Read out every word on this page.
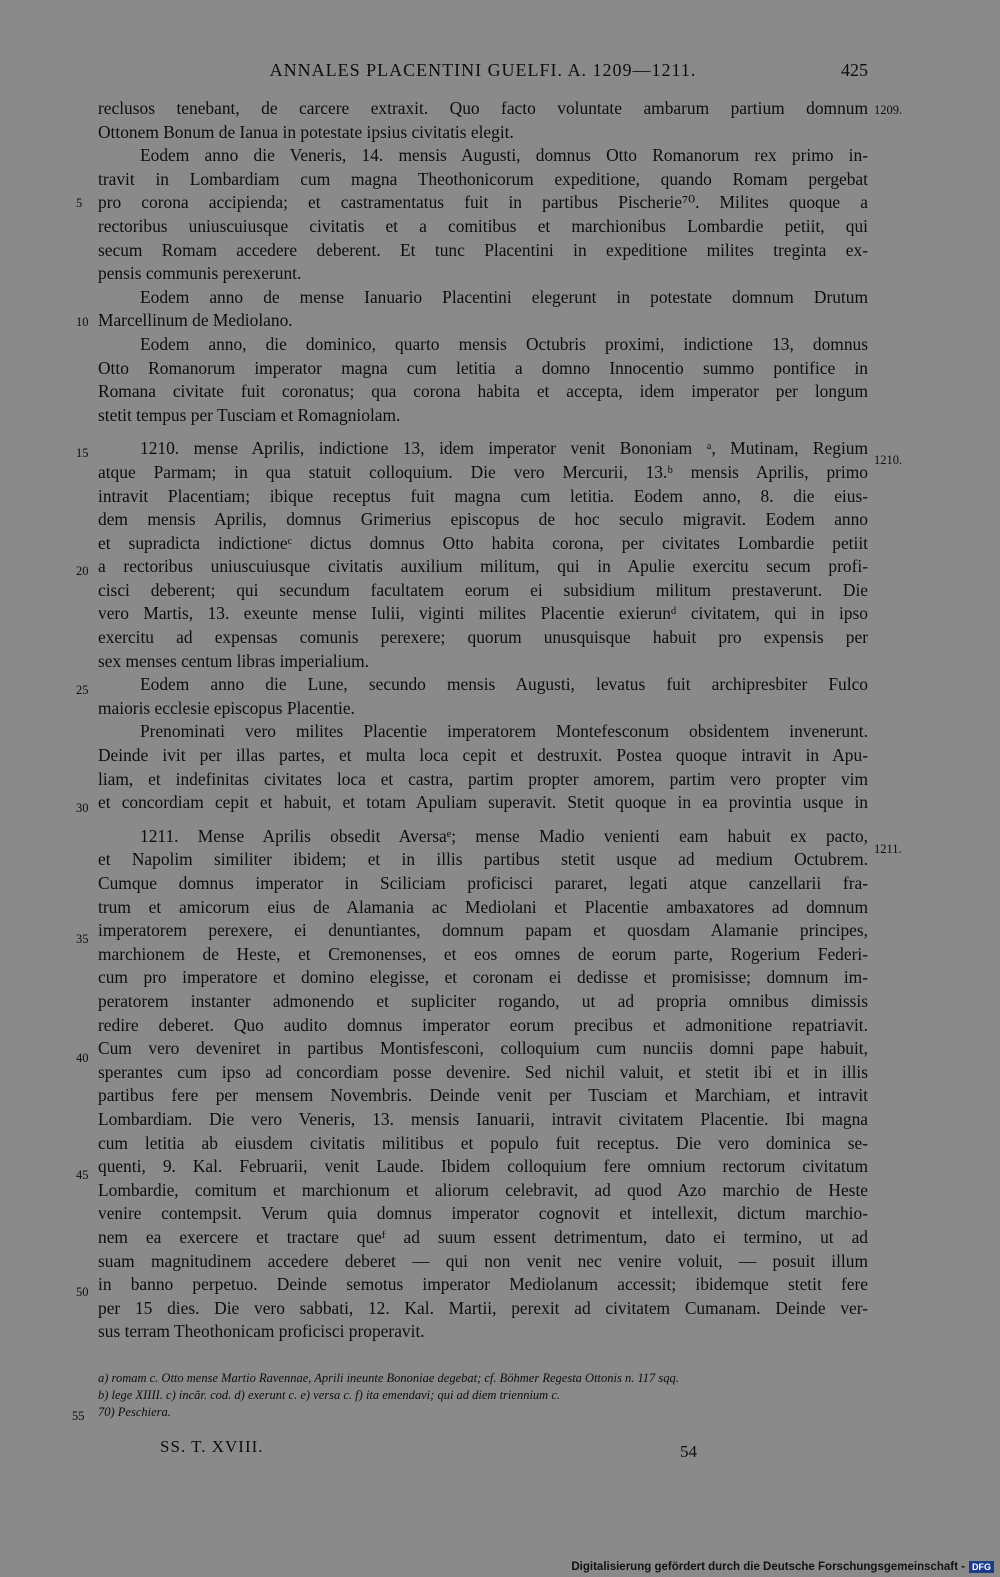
ANNALES PLACENTINI GUELFI. A. 1209—1211.	425
reclusos tenebant, de carcere extraxit. Quo facto voluntate ambarum partium domnum
Ottonem Bonum de Ianua in potestate ipsius civitatis elegit.
Eodem anno die Veneris, 14. mensis Augusti, domnus Otto Romanorum rex primo in-
travit in Lombardiam cum magna Theothonicorum expeditione, quando Romam pergebat
pro corona accipienda; et castramentatus fuit in partibus Pischerie⁷⁰. Milites quoque a
rectoribus uniuscuiusque civitatis et a comitibus et marchionibus Lombardie petiit, qui
secum Romam accedere deberent. Et tunc Placentini in expeditione milites treginta ex-
pensis communis perexerunt.
Eodem anno de mense Ianuario Placentini elegerunt in potestate domnum Drutum
Marcellinum de Mediolano.
Eodem anno, die dominico, quarto mensis Octubris proximi, indictione 13, domnus
Otto Romanorum imperator magna cum letitia a domno Innocentio summo pontifice in
Romana civitate fuit coronatus; qua corona habita et accepta, idem imperator per longum
stetit tempus per Tusciam et Romagniolam.
1210. mense Aprilis, indictione 13, idem imperator venit Bononiam ᵃ, Mutinam, Regium
atque Parmam; in qua statuit colloquium. Die vero Mercurii, 13.ᵇ mensis Aprilis, primo
intravit Placentiam; ibique receptus fuit magna cum letitia. Eodem anno, 8. die eius-
dem mensis Aprilis, domnus Grimerius episcopus de hoc seculo migravit. Eodem anno
et supradicta indictioneᶜ dictus domnus Otto habita corona, per civitates Lombardie petiit
a rectoribus uniuscuiusque civitatis auxilium militum, qui in Apulie exercitu secum profi-
cisci deberent; qui secundum facultatem eorum ei subsidium militum prestaverunt. Die
vero Martis, 13. exeunte mense Iulii, viginti milites Placentie exierunᵈ civitatem, qui in ipso
exercitu ad expensas comunis perexere; quorum unusquisque habuit pro expensis per
sex menses centum libras imperialium.
Eodem anno die Lune, secundo mensis Augusti, levatus fuit archipresbiter Fulco
maioris ecclesie episcopus Placentie.
Prenominati vero milites Placentie imperatorem Montefesconum obsidentem invenerunt.
Deinde ivit per illas partes, et multa loca cepit et destruxit. Postea quoque intravit in Apu-
liam, et indefinitas civitates loca et castra, partim propter amorem, partim vero propter vim
et concordiam cepit et habuit, et totam Apuliam superavit. Stetit quoque in ea provintia usque in
1211. Mense Aprilis obsedit Aversaᵉ; mense Madio venienti eam habuit ex pacto,
et Napolim similiter ibidem; et in illis partibus stetit usque ad medium Octubrem.
Cumque domnus imperator in Sciliciam proficisci pararet, legati atque canzellarii fra-
trum et amicorum eius de Alamania ac Mediolani et Placentie ambaxatores ad domnum
imperatorem perexere, ei denuntiantes, domnum papam et quosdam Alamanie principes,
marchionem de Heste, et Cremonenses, et eos omnes de eorum parte, Rogerium Federi-
cum pro imperatore et domino elegisse, et coronam ei dedisse et promisisse; domnum im-
peratorem instanter admonendo et supliciter rogando, ut ad propria omnibus dimissis
redire deberet. Quo audito domnus imperator eorum precibus et admonitione repatriavit.
Cum vero deveniret in partibus Montisfesconi, colloquium cum nunciis domni pape habuit,
sperantes cum ipso ad concordiam posse devenire. Sed nichil valuit, et stetit ibi et in illis
partibus fere per mensem Novembris. Deinde venit per Tusciam et Marchiam, et intravit
Lombardiam. Die vero Veneris, 13. mensis Ianuarii, intravit civitatem Placentie. Ibi magna
cum letitia ab eiusdem civitatis militibus et populo fuit receptus. Die vero dominica se-
quenti, 9. Kal. Februarii, venit Laude. Ibidem colloquium fere omnium rectorum civitatum
Lombardie, comitum et marchionum et aliorum celebravit, ad quod Azo marchio de Heste
venire contempsit. Verum quia domnus imperator cognovit et intellexit, dictum marchio-
nem ea exercere et tractare queᶠ ad suum essent detrimentum, dato ei termino, ut ad
suam magnitudinem accedere deberet — qui non venit nec venire voluit, — posuit illum
in banno perpetuo. Deinde semotus imperator Mediolanum accessit; ibidemque stetit fere
per 15 dies. Die vero sabbati, 12. Kal. Martii, perexit ad civitatem Cumanam. Deinde ver-
sus terram Theothonicam proficisci properavit.
5
10
15
20
25
30
35
40
45
50
1209.
1210.
1211.
a) romam c. Otto mense Martio Ravennae, Aprili ineunte Bononiae degebat; cf. Böhmer Regesta Ottonis n. 117 sqq.
b) lege XIIII. c) incăr. cod. d) exerunt c. e) versa c. f) ita emendavi; qui ad diem triennium c.
70) Peschiera.
55
SS. T. XVIII.	54
Digitalisierung gefördert durch die Deutsche Forschungsgemeinschaft - DFG
